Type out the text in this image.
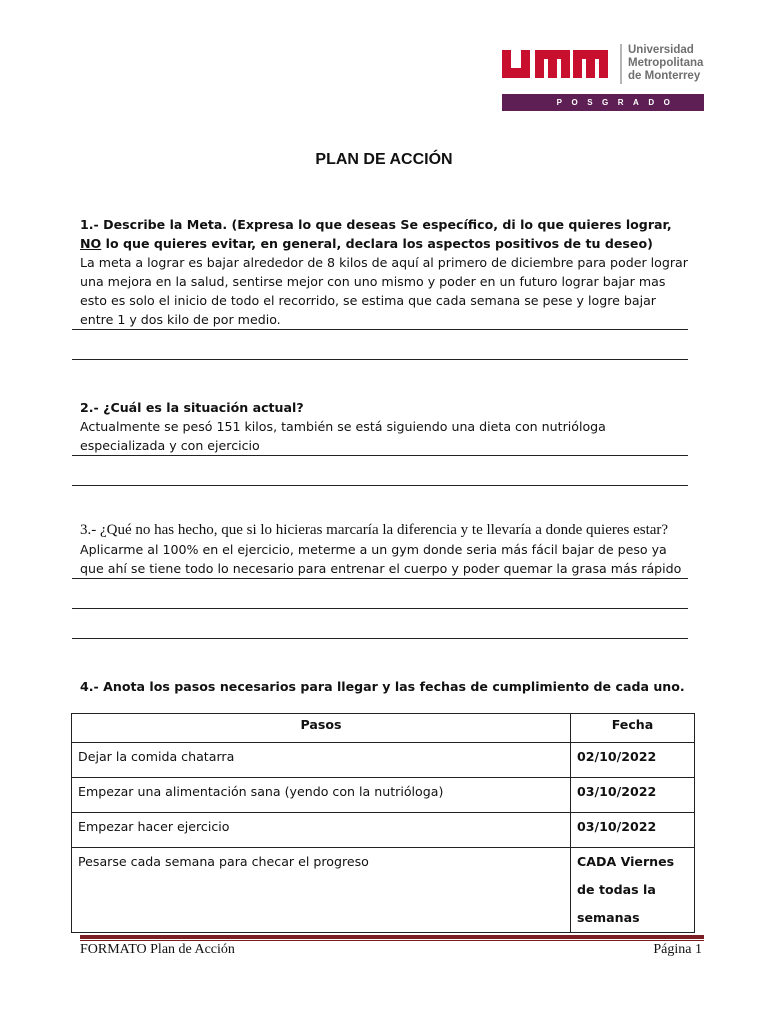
Universidad
Metropolitana
de Monterrey
POSGRADO
PLAN DE ACCIÓN
1.- Describe la Meta. (Expresa lo que deseas Se específico, di lo que quieres lograr, NO lo que quieres evitar, en general, declara los aspectos positivos de tu deseo)
La meta a lograr es bajar alrededor de 8 kilos de aquí al primero de diciembre para poder lograr una mejora en la salud, sentirse mejor con uno mismo y poder en un futuro lograr bajar mas esto es solo el inicio de todo el recorrido, se estima que cada semana se pese y logre bajar entre 1 y dos kilo de por medio.
2.- ¿Cuál es la situación actual?
Actualmente se pesó 151 kilos, también se está siguiendo una dieta con nutrióloga especializada y con ejercicio
3.- ¿Qué no has hecho, que si lo hicieras marcaría la diferencia y te llevaría a donde quieres estar?
Aplicarme al 100% en el ejercicio, meterme a un gym donde seria más fácil bajar de peso ya que ahí se tiene todo lo necesario para entrenar el cuerpo y poder quemar la grasa más rápido
4.- Anota los pasos necesarios para llegar y las fechas de cumplimiento de cada uno.
Pasos	Fecha
Dejar la comida chatarra	02/10/2022
Empezar una alimentación sana (yendo con la nutrióloga)	03/10/2022
Empezar hacer ejercicio	03/10/2022
Pesarse cada semana para checar el progreso	CADA Viernes de todas la semanas
FORMATO Plan de Acción	Página 1
